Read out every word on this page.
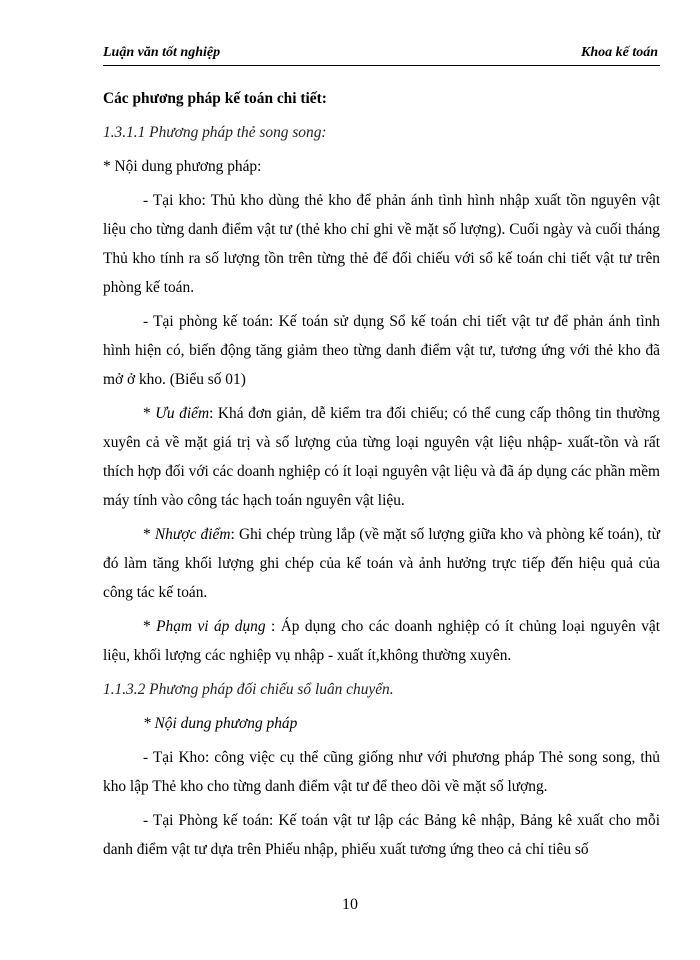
Luận văn tốt nghiệp	Khoa kế toán

Các phương pháp kế toán chi tiết:

1.3.1.1 Phương pháp thẻ song song:

* Nội dung phương pháp:

- Tại kho: Thủ kho dùng thẻ kho để phản ánh tình hình nhập xuất tồn nguyên vật liệu cho từng danh điểm vật tư (thẻ kho chỉ ghi về mặt số lượng). Cuối ngày và cuối tháng Thủ kho tính ra số lượng tồn trên từng thẻ để đối chiếu với sổ kế toán chi tiết vật tư trên phòng kế toán.

- Tại phòng kế toán: Kế toán sử dụng Sổ kế toán chi tiết vật tư để phản ánh tình hình hiện có, biến động tăng giảm theo từng danh điểm vật tư, tương ứng với thẻ kho đã mở ở kho. (Biểu số 01)

* Ưu điểm: Khá đơn giản, dễ kiểm tra đối chiếu; có thể cung cấp thông tin thường xuyên cả về mặt giá trị và số lượng của từng loại nguyên vật liệu nhập- xuất-tồn và rất thích hợp đối với các doanh nghiệp có ít loại nguyên vật liệu và đã áp dụng các phần mềm máy tính vào công tác hạch toán nguyên vật liệu.

* Nhược điểm: Ghi chép trùng lắp (về mặt số lượng giữa kho và phòng kế toán), từ đó làm tăng khối lượng ghi chép của kế toán và ảnh hưởng trực tiếp đến hiệu quả của công tác kế toán.

* Phạm vi áp dụng : Áp dụng cho các doanh nghiệp có ít chủng loại nguyên vật liệu, khối lượng các nghiệp vụ nhập - xuất ít,không thường xuyên.

1.1.3.2 Phương pháp đối chiếu sổ luân chuyển.

* Nội dung phương pháp

- Tại Kho: công việc cụ thể cũng giống như với phương pháp Thẻ song song, thủ kho lập Thẻ kho cho từng danh điểm vật tư để theo dõi về mặt số lượng.

- Tại Phòng kế toán: Kế toán vật tư lập các Bảng kê nhập, Bảng kê xuất cho mỗi danh điểm vật tư dựa trên Phiếu nhập, phiếu xuất tương ứng theo cả chỉ tiêu số

10
